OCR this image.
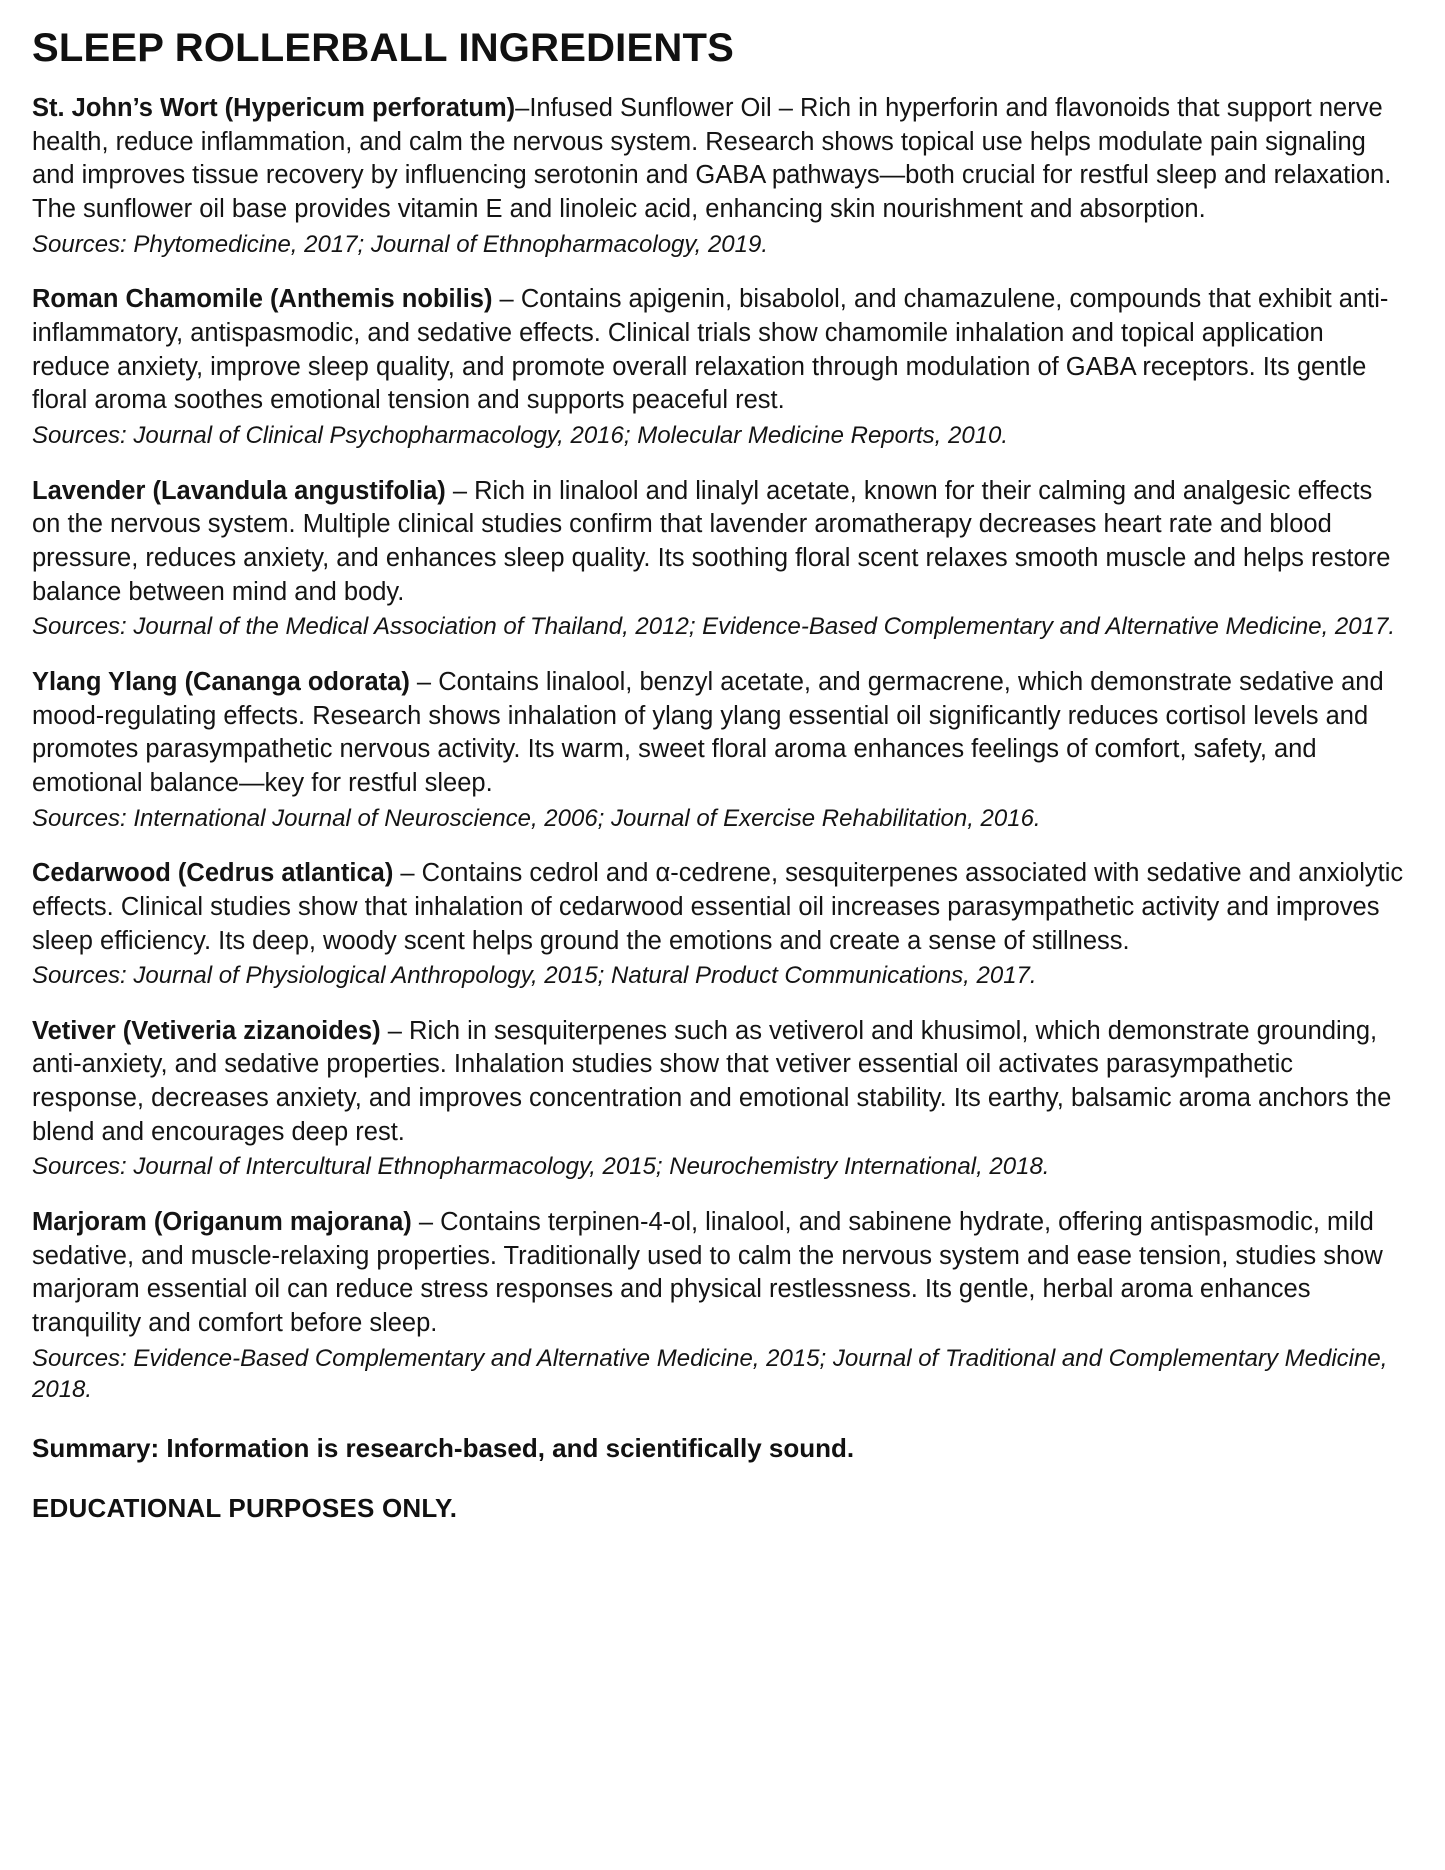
SLEEP ROLLERBALL INGREDIENTS

St. John’s Wort (Hypericum perforatum)–Infused Sunflower Oil – Rich in hyperforin and flavonoids that support nerve health, reduce inflammation, and calm the nervous system. Research shows topical use helps modulate pain signaling and improves tissue recovery by influencing serotonin and GABA pathways—both crucial for restful sleep and relaxation. The sunflower oil base provides vitamin E and linoleic acid, enhancing skin nourishment and absorption.

Sources: Phytomedicine, 2017; Journal of Ethnopharmacology, 2019.

Roman Chamomile (Anthemis nobilis) – Contains apigenin, bisabolol, and chamazulene, compounds that exhibit anti-inflammatory, antispasmodic, and sedative effects. Clinical trials show chamomile inhalation and topical application reduce anxiety, improve sleep quality, and promote overall relaxation through modulation of GABA receptors. Its gentle floral aroma soothes emotional tension and supports peaceful rest.

Sources: Journal of Clinical Psychopharmacology, 2016; Molecular Medicine Reports, 2010.

Lavender (Lavandula angustifolia) – Rich in linalool and linalyl acetate, known for their calming and analgesic effects on the nervous system. Multiple clinical studies confirm that lavender aromatherapy decreases heart rate and blood pressure, reduces anxiety, and enhances sleep quality. Its soothing floral scent relaxes smooth muscle and helps restore balance between mind and body.

Sources: Journal of the Medical Association of Thailand, 2012; Evidence-Based Complementary and Alternative Medicine, 2017.

Ylang Ylang (Cananga odorata) – Contains linalool, benzyl acetate, and germacrene, which demonstrate sedative and mood-regulating effects. Research shows inhalation of ylang ylang essential oil significantly reduces cortisol levels and promotes parasympathetic nervous activity. Its warm, sweet floral aroma enhances feelings of comfort, safety, and emotional balance—key for restful sleep.

Sources: International Journal of Neuroscience, 2006; Journal of Exercise Rehabilitation, 2016.

Cedarwood (Cedrus atlantica) – Contains cedrol and α-cedrene, sesquiterpenes associated with sedative and anxiolytic effects. Clinical studies show that inhalation of cedarwood essential oil increases parasympathetic activity and improves sleep efficiency. Its deep, woody scent helps ground the emotions and create a sense of stillness.

Sources: Journal of Physiological Anthropology, 2015; Natural Product Communications, 2017.

Vetiver (Vetiveria zizanoides) – Rich in sesquiterpenes such as vetiverol and khusimol, which demonstrate grounding, anti-anxiety, and sedative properties. Inhalation studies show that vetiver essential oil activates parasympathetic response, decreases anxiety, and improves concentration and emotional stability. Its earthy, balsamic aroma anchors the blend and encourages deep rest.

Sources: Journal of Intercultural Ethnopharmacology, 2015; Neurochemistry International, 2018.

Marjoram (Origanum majorana) – Contains terpinen-4-ol, linalool, and sabinene hydrate, offering antispasmodic, mild sedative, and muscle-relaxing properties. Traditionally used to calm the nervous system and ease tension, studies show marjoram essential oil can reduce stress responses and physical restlessness. Its gentle, herbal aroma enhances tranquility and comfort before sleep.

Sources: Evidence-Based Complementary and Alternative Medicine, 2015; Journal of Traditional and Complementary Medicine, 2018.

Summary: Information is research-based, and scientifically sound.

EDUCATIONAL PURPOSES ONLY.
